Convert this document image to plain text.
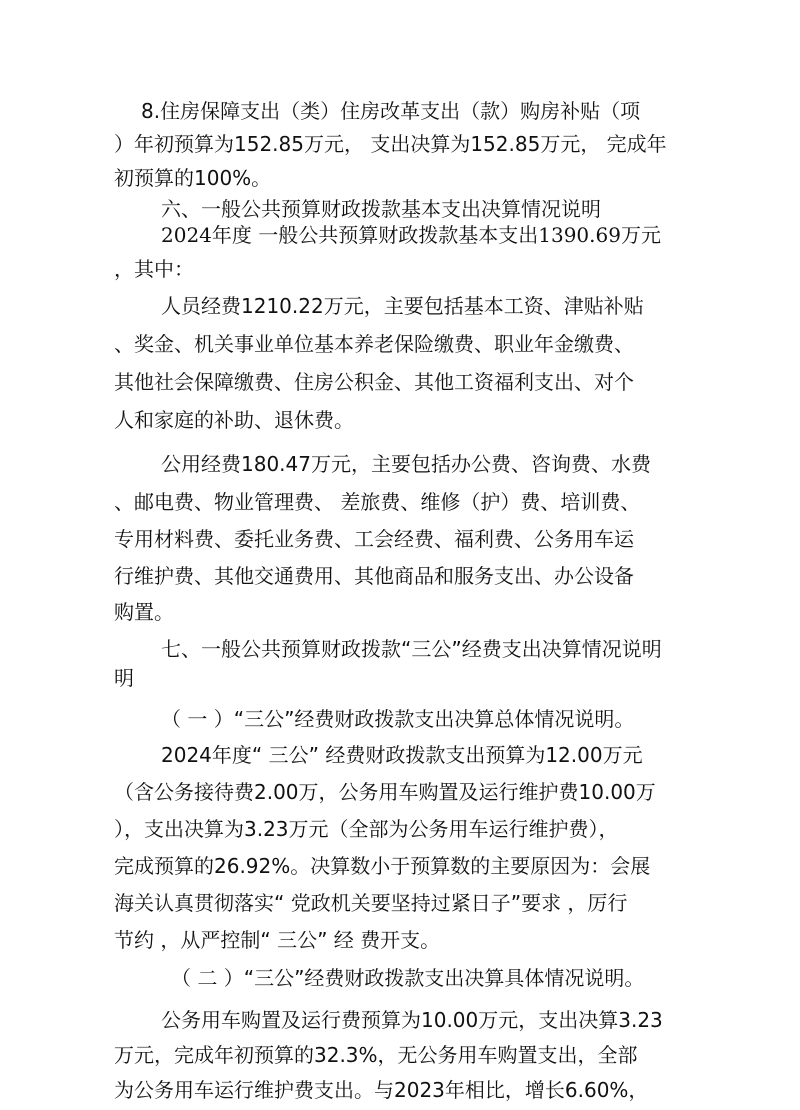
8.住房保障支出（类）住房改革支出（款）购房补贴（项
）年初预算为152.85万元， 支出决算为152.85万元， 完成年
初预算的100%。
六、一般公共预算财政拨款基本支出决算情况说明
2024年度 一般公共预算财政拨款基本支出1390.69万元
，其中：
人员经费1210.22万元，主要包括基本工资、津贴补贴
、奖金、机关事业单位基本养老保险缴费、职业年金缴费、
其他社会保障缴费、住房公积金、其他工资福利支出、对个
人和家庭的补助、退休费。
公用经费180.47万元，主要包括办公费、咨询费、水费
、邮电费、物业管理费、 差旅费、维修（护）费、培训费、
专用材料费、委托业务费、工会经费、福利费、公务用车运
行维护费、其他交通费用、其他商品和服务支出、办公设备
购置。
七、一般公共预算财政拨款“三公”经费支出决算情况说明
明
（ 一 ）“三公”经费财政拨款支出决算总体情况说明。
2024年度“ 三公” 经费财政拨款支出预算为12.00万元
（含公务接待费2.00万，公务用车购置及运行维护费10.00万
），支出决算为3.23万元（全部为公务用车运行维护费），
完成预算的26.92%。决算数小于预算数的主要原因为：会展
海关认真贯彻落实“ 党政机关要坚持过紧日子”要求 ，厉行
节约 ，从严控制“ 三公” 经 费开支。
（ 二 ）“三公”经费财政拨款支出决算具体情况说明。
公务用车购置及运行费预算为10.00万元，支出决算3.23
万元，完成年初预算的32.3%，无公务用车购置支出，全部
为公务用车运行维护费支出。与2023年相比，增长6.60%，
